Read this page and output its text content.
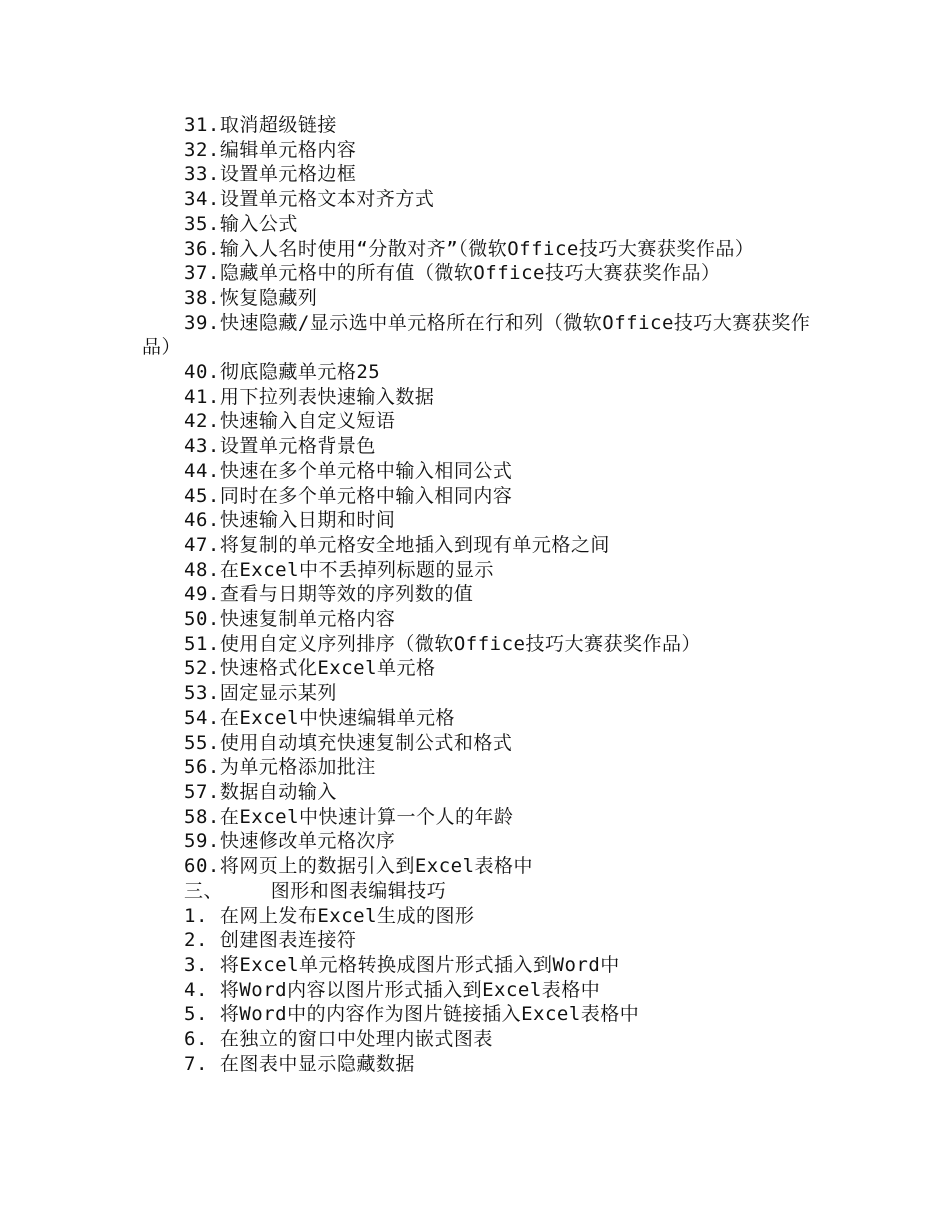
31.取消超级链接

32.编辑单元格内容

33.设置单元格边框

34.设置单元格文本对齐方式

35.输入公式

36.输入人名时使用“分散对齐”（微软Office技巧大赛获奖作品）

37.隐藏单元格中的所有值（微软Office技巧大赛获奖作品）

38.恢复隐藏列

39.快速隐藏/显示选中单元格所在行和列（微软Office技巧大赛获奖作品）

40.彻底隐藏单元格25

41.用下拉列表快速输入数据

42.快速输入自定义短语

43.设置单元格背景色

44.快速在多个单元格中输入相同公式

45.同时在多个单元格中输入相同内容

46.快速输入日期和时间

47.将复制的单元格安全地插入到现有单元格之间

48.在Excel中不丢掉列标题的显示

49.查看与日期等效的序列数的值

50.快速复制单元格内容

51.使用自定义序列排序（微软Office技巧大赛获奖作品）

52.快速格式化Excel单元格

53.固定显示某列

54.在Excel中快速编辑单元格

55.使用自动填充快速复制公式和格式

56.为单元格添加批注

57.数据自动输入

58.在Excel中快速计算一个人的年龄

59.快速修改单元格次序

60.将网页上的数据引入到Excel表格中

三、    图形和图表编辑技巧

1. 在网上发布Excel生成的图形

2. 创建图表连接符

3. 将Excel单元格转换成图片形式插入到Word中

4. 将Word内容以图片形式插入到Excel表格中

5. 将Word中的内容作为图片链接插入Excel表格中

6. 在独立的窗口中处理内嵌式图表

7. 在图表中显示隐藏数据
